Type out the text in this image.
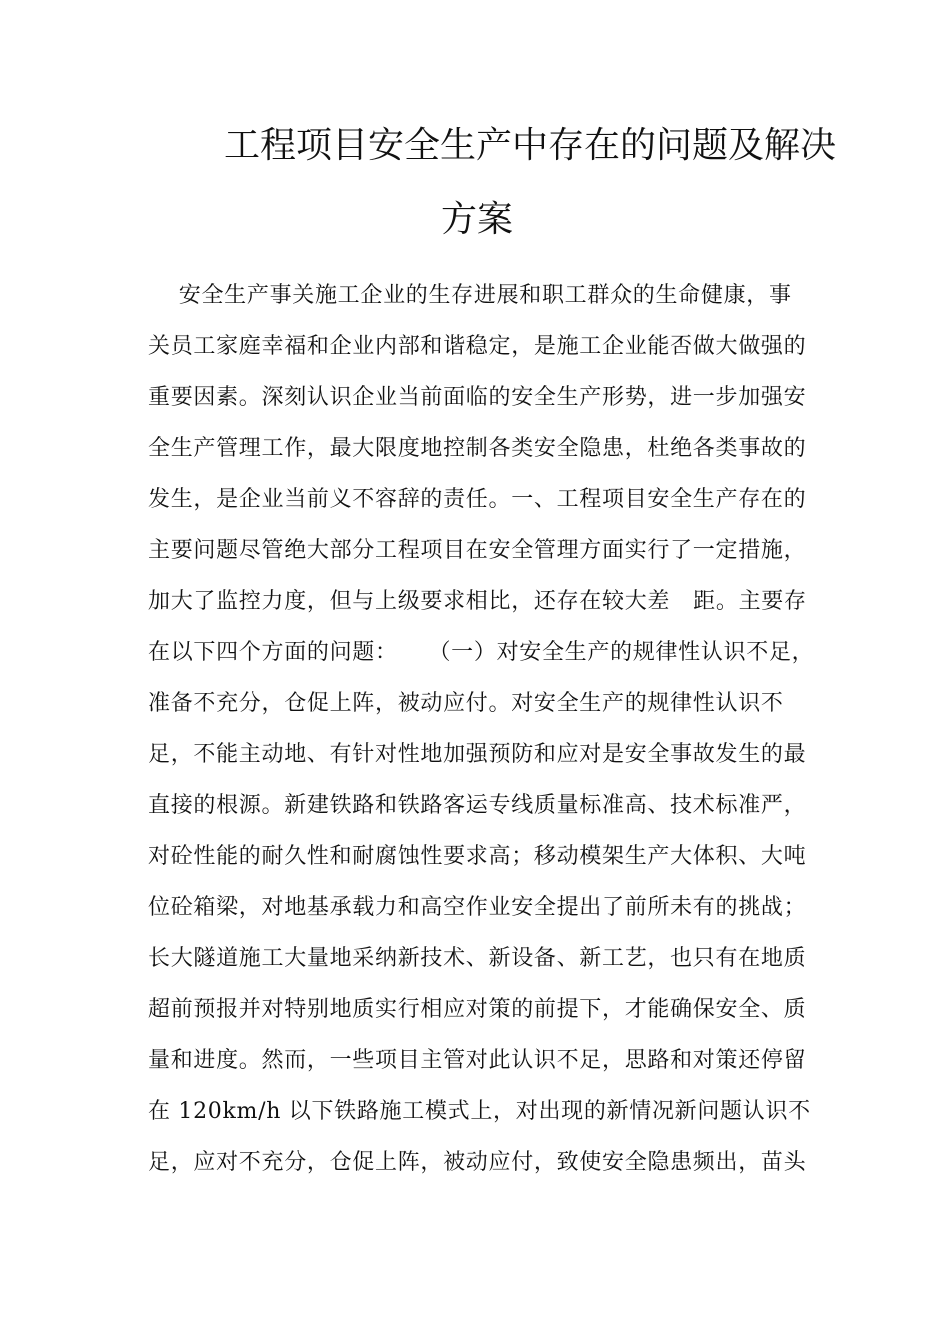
工程项目安全生产中存在的问题及解决
方案
安全生产事关施工企业的生存进展和职工群众的生命健康，事
关员工家庭幸福和企业内部和谐稳定，是施工企业能否做大做强的
重要因素。深刻认识企业当前面临的安全生产形势，进一步加强安
全生产管理工作，最大限度地控制各类安全隐患，杜绝各类事故的
发生，是企业当前义不容辞的责任。一、工程项目安全生产存在的
主要问题尽管绝大部分工程项目在安全管理方面实行了一定措施，
加大了监控力度，但与上级要求相比，还存在较大差   距。主要存
在以下四个方面的问题：    （一）对安全生产的规律性认识不足，
准备不充分，仓促上阵，被动应付。对安全生产的规律性认识不
足，不能主动地、有针对性地加强预防和应对是安全事故发生的最
直接的根源。新建铁路和铁路客运专线质量标准高、技术标准严，
对砼性能的耐久性和耐腐蚀性要求高；移动模架生产大体积、大吨
位砼箱梁，对地基承载力和高空作业安全提出了前所未有的挑战；
长大隧道施工大量地采纳新技术、新设备、新工艺，也只有在地质
超前预报并对特别地质实行相应对策的前提下，才能确保安全、质
量和进度。然而，一些项目主管对此认识不足，思路和对策还停留
在 120km/h 以下铁路施工模式上，对出现的新情况新问题认识不
足，应对不充分，仓促上阵，被动应付，致使安全隐患频出，苗头
